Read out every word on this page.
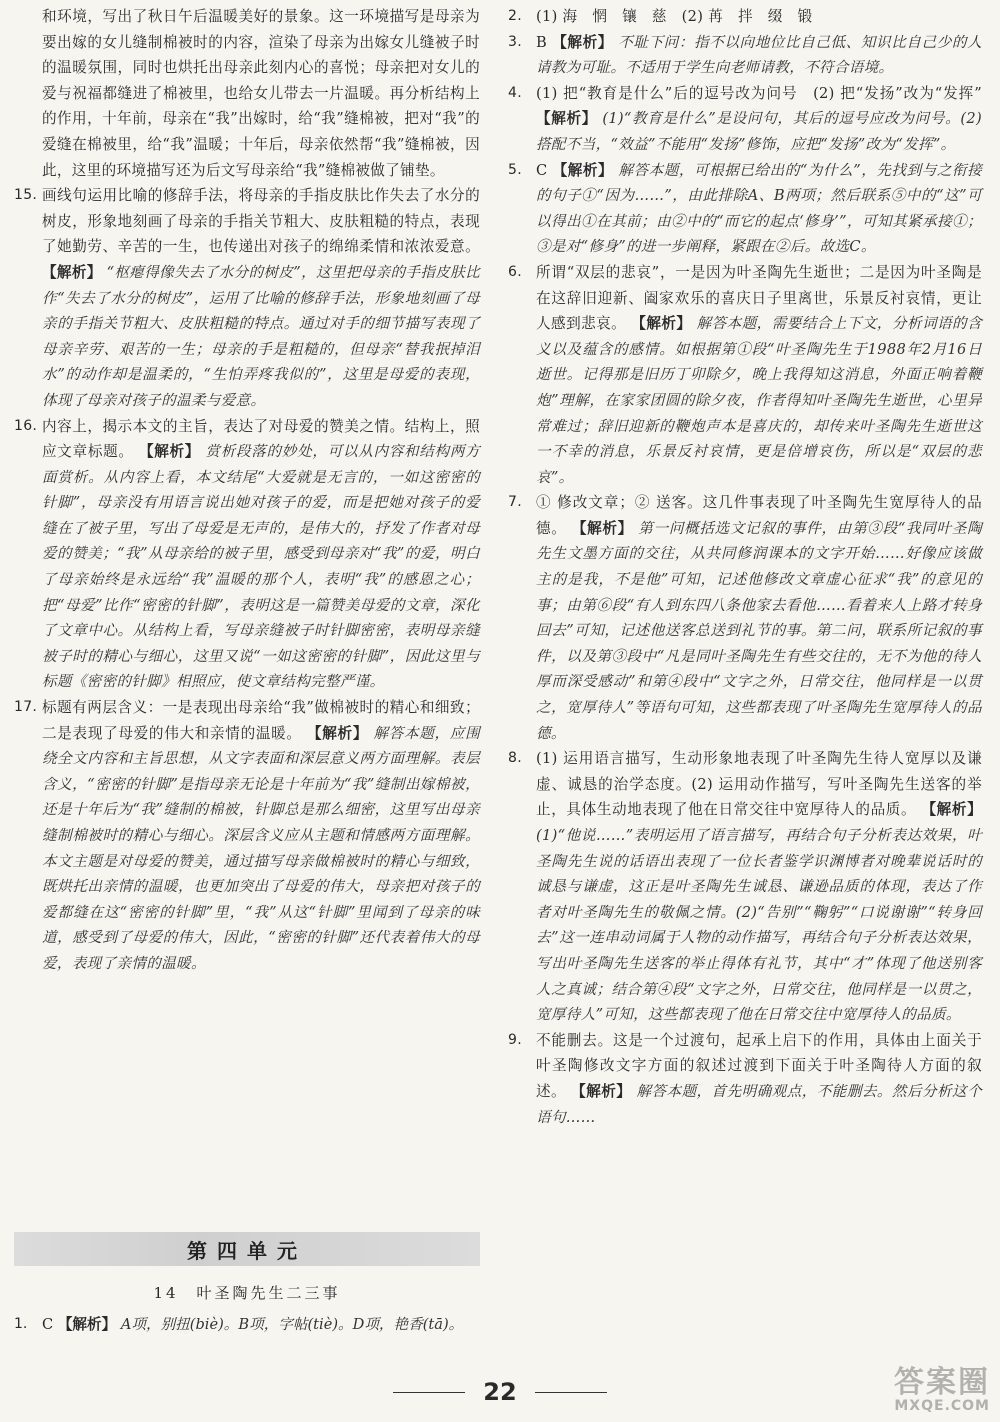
和环境，写出了秋日午后温暖美好的景象。这一环境描写是母亲为要出嫁的女儿缝制棉被时的内容，渲染了母亲为出嫁女儿缝被子时的温暖氛围，同时也烘托出母亲此刻内心的喜悦；母亲把对女儿的爱与祝福都缝进了棉被里，也给女儿带去一片温暖。再分析结构上的作用，十年前，母亲在“我”出嫁时，给“我”缝棉被，把对“我”的爱缝在棉被里，给“我”温暖；十年后，母亲依然帮“我”缝棉被，因此，这里的环境描写还为后文写母亲给“我”缝棉被做了铺垫。

15. 画线句运用比喻的修辞手法，将母亲的手指皮肤比作失去了水分的树皮，形象地刻画了母亲的手指关节粗大、皮肤粗糙的特点，表现了她勤劳、辛苦的一生，也传递出对孩子的绵绵柔情和浓浓爱意。 【解析】 “枢瘪得像失去了水分的树皮”，这里把母亲的手指皮肤比作“失去了水分的树皮”，运用了比喻的修辞手法，形象地刻画了母亲的手指关节粗大、皮肤粗糙的特点。通过对手的细节描写表现了母亲辛劳、艰苦的一生；母亲的手是粗糙的，但母亲“替我抿掉泪水”的动作却是温柔的，“生怕弄疼我似的”，这里是母爱的表现，体现了母亲对孩子的温柔与爱意。
16. 内容上，揭示本文的主旨，表达了对母爱的赞美之情。结构上，照应文章标题。 【解析】 赏析段落的妙处，可以从内容和结构两方面赏析。从内容上看，本文结尾“大爱就是无言的，一如这密密的针脚”，母亲没有用语言说出她对孩子的爱，而是把她对孩子的爱缝在了被子里，写出了母爱是无声的，是伟大的，抒发了作者对母爱的赞美；“我”从母亲给的被子里，感受到母亲对“我”的爱，明白了母亲始终是永远给“我”温暖的那个人，表明“我”的感恩之心；把“母爱”比作“密密的针脚”，表明这是一篇赞美母爱的文章，深化了文章中心。从结构上看，写母亲缝被子时针脚密密，表明母亲缝被子时的精心与细心，这里又说“一如这密密的针脚”，因此这里与标题《密密的针脚》相照应，使文章结构完整严谨。
17. 标题有两层含义：一是表现出母亲给“我”做棉被时的精心和细致；二是表现了母爱的伟大和亲情的温暖。 【解析】 解答本题，应围绕全文内容和主旨思想，从文字表面和深层意义两方面理解。表层含义，“密密的针脚”是指母亲无论是十年前为“我”缝制出嫁棉被，还是十年后为“我”缝制的棉被，针脚总是那么细密，这里写出母亲缝制棉被时的精心与细心。深层含义应从主题和情感两方面理解。本文主题是对母爱的赞美，通过描写母亲做棉被时的精心与细致，既烘托出亲情的温暖，也更加突出了母爱的伟大，母亲把对孩子的爱都缝在这“密密的针脚”里，“我”从这“针脚”里闻到了母亲的味道，感受到了母爱的伟大，因此，“密密的针脚”还代表着伟大的母爱，表现了亲情的温暖。
第四单元
14　叶圣陶先生二三事
1.	C 【解析】 A项，别扭(biè)。B项，字帖(tiè)。D项，艳香(tā)。
2. (1) 海　惘　镶　慈　(2) 苒　拌　缀　锻
3. B 【解析】 不耻下问：指不以向地位比自己低、知识比自己少的人请教为可耻。不适用于学生向老师请教，不符合语境。
4. (1) 把“教育是什么”后的逗号改为问号　(2) 把“发扬”改为“发挥” 【解析】 (1)“教育是什么”是设问句，其后的逗号应改为问号。(2) 搭配不当，“效益”不能用“发扬”修饰，应把“发扬”改为“发挥”。
5. C 【解析】 解答本题，可根据已给出的“为什么”，先找到与之衔接的句子①“因为……”，由此排除A、B两项；然后联系⑤中的“这”可以得出①在其前；由②中的“而它的起点‘修身’”，可知其紧承接①；③是对“修身”的进一步阐释，紧跟在②后。故选C。
6. 所谓“双层的悲哀”，一是因为叶圣陶先生逝世；二是因为叶圣陶是在这辞旧迎新、阖家欢乐的喜庆日子里离世，乐景反衬哀情，更让人感到悲哀。 【解析】 解答本题，需要结合上下文，分析词语的含义以及蕴含的感情。如根据第①段“叶圣陶先生于1988年2月16日逝世。记得那是旧历丁卯除夕，晚上我得知这消息，外面正响着鞭炮”理解，在家家团圆的除夕夜，作者得知叶圣陶先生逝世，心里异常难过；辞旧迎新的鞭炮声本是喜庆的，却传来叶圣陶先生逝世这一不幸的消息，乐景反衬哀情，更是倍增哀伤，所以是“双层的悲哀”。
7. ① 修改文章；② 送客。这几件事表现了叶圣陶先生宽厚待人的品德。 【解析】 第一问概括选文记叙的事件，由第③段“我同叶圣陶先生文墨方面的交往，从共同修润课本的文字开始……好像应该做主的是我，不是他”可知，记述他修改文章虚心征求“我”的意见的事；由第⑥段“有人到东四八条他家去看他……看着来人上路才转身回去”可知，记述他送客总送到礼节的事。第二问，联系所记叙的事件，以及第③段中“凡是同叶圣陶先生有些交往的，无不为他的待人厚而深受感动”和第④段中“文字之外，日常交往，他同样是一以贯之，宽厚待人”等语句可知，这些都表现了叶圣陶先生宽厚待人的品德。
8. (1) 运用语言描写，生动形象地表现了叶圣陶先生待人宽厚以及谦虚、诚恳的治学态度。(2) 运用动作描写，写叶圣陶先生送客的举止，具体生动地表现了他在日常交往中宽厚待人的品质。 【解析】 (1)“他说……”表明运用了语言描写，再结合句子分析表达效果，叶圣陶先生说的话语出表现了一位长者鉴学识渊博者对晚辈说话时的诚恳与谦虚，这正是叶圣陶先生诚恳、谦逊品质的体现，表达了作者对叶圣陶先生的敬佩之情。(2)“告别”“鞠躬”“口说谢谢”“转身回去”这一连串动词属于人物的动作描写，再结合句子分析表达效果，写出叶圣陶先生送客的举止得体有礼节，其中“才”体现了他送别客人之真诚；结合第④段“文字之外，日常交往，他同样是一以贯之，宽厚待人”可知，这些都表现了他在日常交往中宽厚待人的品质。
9. 不能删去。这是一个过渡句，起承上启下的作用，具体由上面关于叶圣陶修改文字方面的叙述过渡到下面关于叶圣陶待人方面的叙述。 【解析】 解答本题，首先明确观点，不能删去。然后分析这个语句……
22	答案圈
MXQE.COM
